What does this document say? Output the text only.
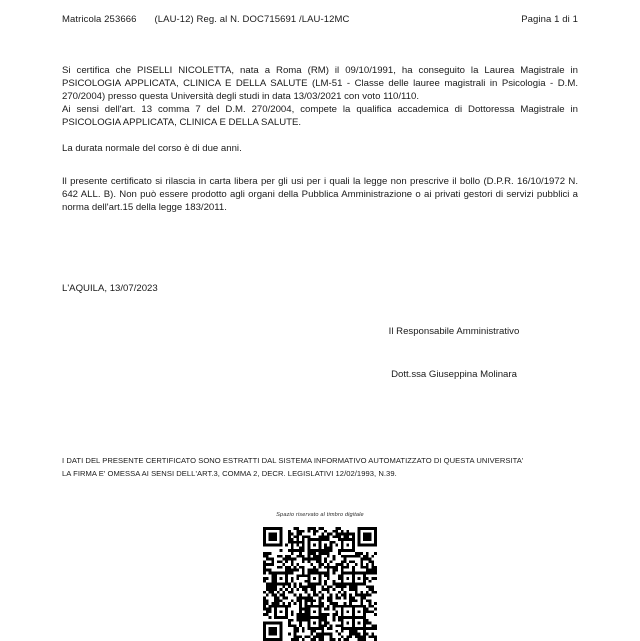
Matricola 253666 (LAU-12) Reg. al N. DOC715691 /LAU-12MC	Pagina 1 di 1

Si certifica che PISELLI NICOLETTA, nata a Roma (RM) il 09/10/1991, ha conseguito la Laurea Magistrale in PSICOLOGIA APPLICATA, CLINICA E DELLA SALUTE (LM-51 - Classe delle lauree magistrali in Psicologia - D.M. 270/2004) presso questa Università degli studi in data 13/03/2021 con voto 110/110.

Ai sensi dell'art. 13 comma 7 del D.M. 270/2004, compete la qualifica accademica di Dottoressa Magistrale in PSICOLOGIA APPLICATA, CLINICA E DELLA SALUTE.

La durata normale del corso è di due anni.

Il presente certificato si rilascia in carta libera per gli usi per i quali la legge non prescrive il bollo (D.P.R. 16/10/1972 N. 642 ALL. B). Non può essere prodotto agli organi della Pubblica Amministrazione o ai privati gestori di servizi pubblici a norma dell'art.15 della legge 183/2011.

L'AQUILA, 13/07/2023

Il Responsabile Amministrativo

Dott.ssa Giuseppina Molinara

I DATI DEL PRESENTE CERTIFICATO SONO ESTRATTI DAL SISTEMA INFORMATIVO AUTOMATIZZATO DI QUESTA UNIVERSITA'

LA FIRMA E' OMESSA AI SENSI DELL'ART.3, COMMA 2, DECR. LEGISLATIVI 12/02/1993, N.39.

Spazio riservato al timbro digitale
